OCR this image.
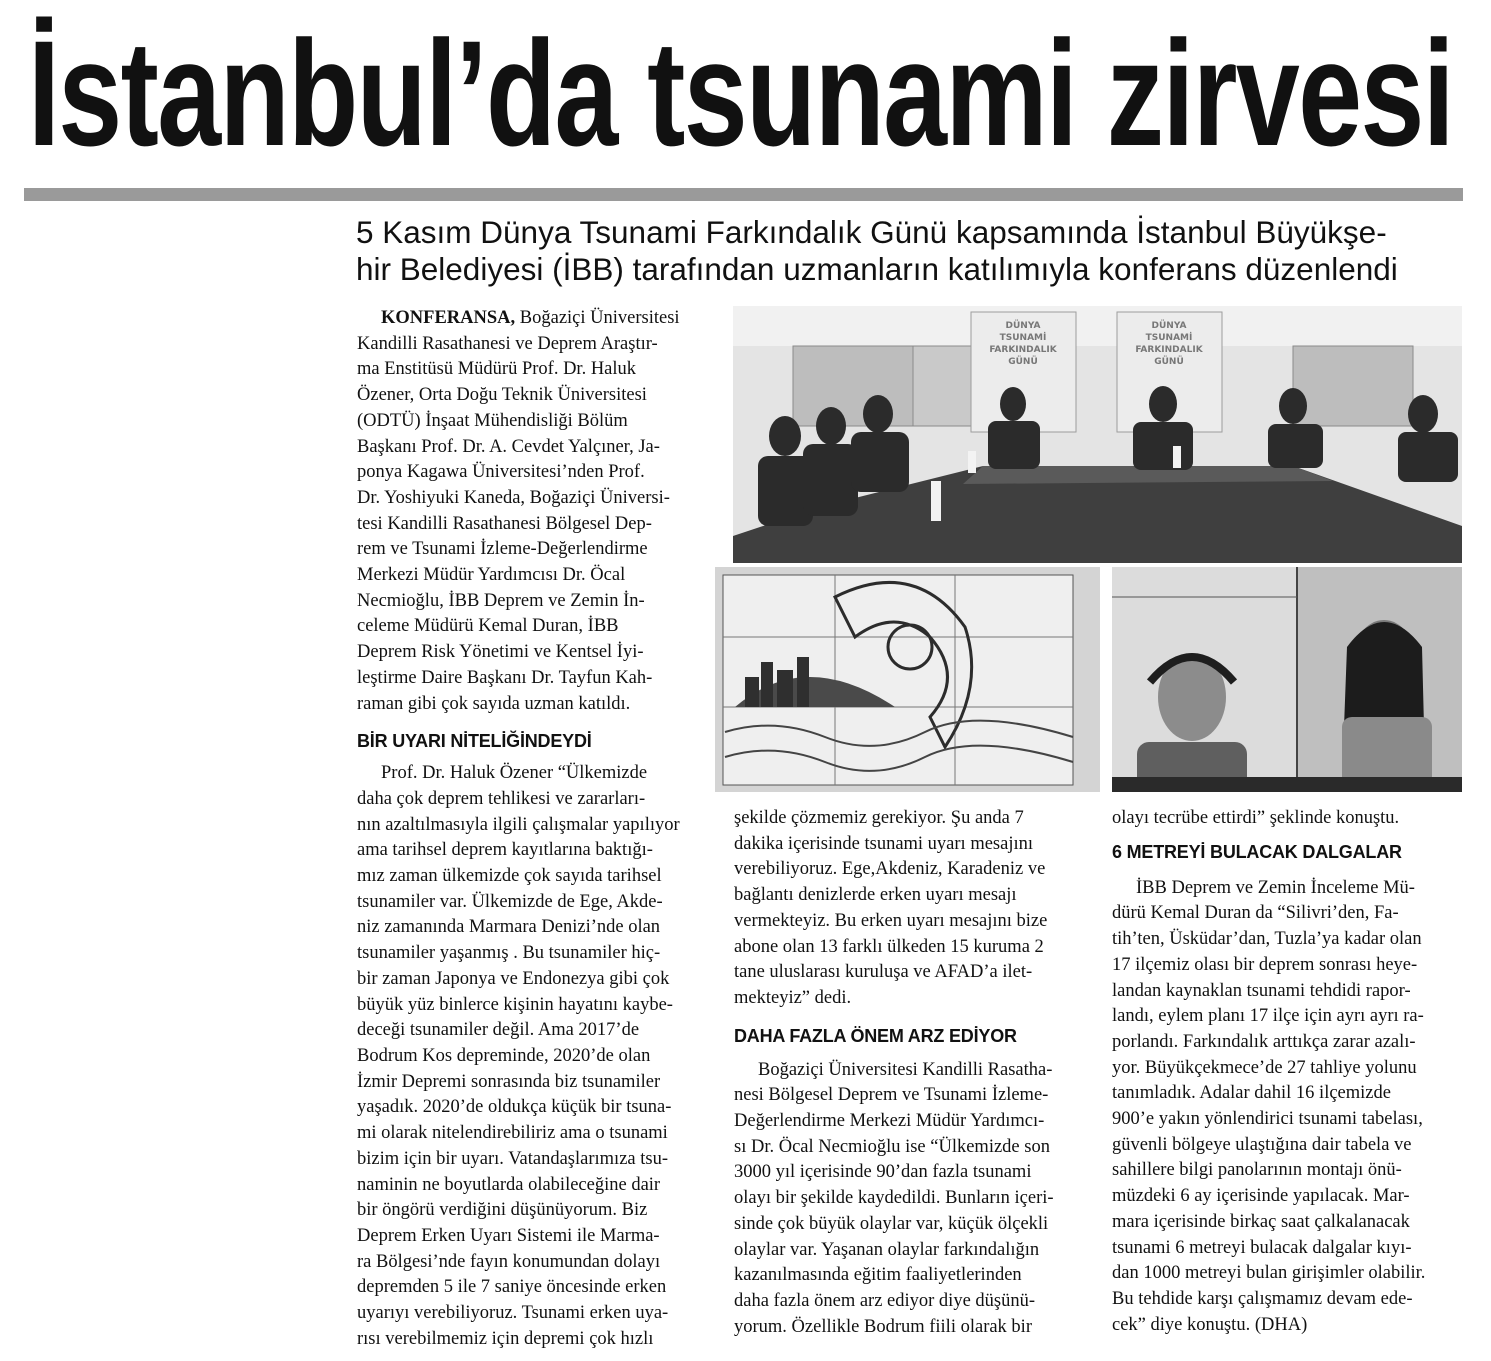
İstanbul’da tsunami zirvesi
5 Kasım Dünya Tsunami Farkındalık Günü kapsamında İstanbul Büyükşe-
hir Belediyesi (İBB) tarafından uzmanların katılımıyla konferans düzenlendi
KONFERANSA, Boğaziçi Üniversitesi
Kandilli Rasathanesi ve Deprem Araştır-
ma Enstitüsü Müdürü Prof. Dr. Haluk
Özener, Orta Doğu Teknik Üniversitesi
(ODTÜ) İnşaat Mühendisliği Bölüm
Başkanı Prof. Dr. A. Cevdet Yalçıner, Ja-
ponya Kagawa Üniversitesi’nden Prof.
Dr. Yoshiyuki Kaneda, Boğaziçi Üniversi-
tesi Kandilli Rasathanesi Bölgesel Dep-
rem ve Tsunami İzleme-Değerlendirme
Merkezi Müdür Yardımcısı Dr. Öcal
Necmioğlu, İBB Deprem ve Zemin İn-
celeme Müdürü Kemal Duran, İBB
Deprem Risk Yönetimi ve Kentsel İyi-
leştirme Daire Başkanı Dr. Tayfun Kah-
raman gibi çok sayıda uzman katıldı.
BİR UYARI NİTELİĞİNDEYDİ
Prof. Dr. Haluk Özener “Ülkemizde
daha çok deprem tehlikesi ve zararları-
nın azaltılmasıyla ilgili çalışmalar yapılıyor
ama tarihsel deprem kayıtlarına baktığı-
mız zaman ülkemizde çok sayıda tarihsel
tsunamiler var. Ülkemizde de Ege, Akde-
niz zamanında Marmara Denizi’nde olan
tsunamiler yaşanmış . Bu tsunamiler hiç-
bir zaman Japonya ve Endonezya gibi çok
büyük yüz binlerce kişinin hayatını kaybe-
deceği tsunamiler değil. Ama 2017’de
Bodrum Kos depreminde, 2020’de olan
İzmir Depremi sonrasında biz tsunamiler
yaşadık. 2020’de oldukça küçük bir tsuna-
mi olarak nitelendirebiliriz ama o tsunami
bizim için bir uyarı. Vatandaşlarımıza tsu-
naminin ne boyutlarda olabileceğine dair
bir öngörü verdiğini düşünüyorum. Biz
Deprem Erken Uyarı Sistemi ile Marma-
ra Bölgesi’nde fayın konumundan dolayı
depremden 5 ile 7 saniye öncesinde erken
uyarıyı verebiliyoruz. Tsunami erken uya-
rısı verebilmemiz için depremi çok hızlı
DÜNYA
TSUNAMİ
FARKINDALIK
GÜNÜ
DÜNYA
TSUNAMİ
FARKINDALIK
GÜNÜ
şekilde çözmemiz gerekiyor. Şu anda 7
dakika içerisinde tsunami uyarı mesajını
verebiliyoruz. Ege,Akdeniz, Karadeniz ve
bağlantı denizlerde erken uyarı mesajı
vermekteyiz. Bu erken uyarı mesajını bize
abone olan 13 farklı ülkeden 15 kuruma 2
tane uluslarası kuruluşa ve AFAD’a ilet-
mekteyiz” dedi.
DAHA FAZLA ÖNEM ARZ EDİYOR
Boğaziçi Üniversitesi Kandilli Rasatha-
nesi Bölgesel Deprem ve Tsunami İzleme-
Değerlendirme Merkezi Müdür Yardımcı-
sı Dr. Öcal Necmioğlu ise “Ülkemizde son
3000 yıl içerisinde 90’dan fazla tsunami
olayı bir şekilde kaydedildi. Bunların içeri-
sinde çok büyük olaylar var, küçük ölçekli
olaylar var. Yaşanan olaylar farkındalığın
kazanılmasında eğitim faaliyetlerinden
daha fazla önem arz ediyor diye düşünü-
yorum. Özellikle Bodrum fiili olarak bir
olayı tecrübe ettirdi” şeklinde konuştu.
6 METREYİ BULACAK DALGALAR
İBB Deprem ve Zemin İnceleme Mü-
dürü Kemal Duran da “Silivri’den, Fa-
tih’ten, Üsküdar’dan, Tuzla’ya kadar olan
17 ilçemiz olası bir deprem sonrası heye-
landan kaynaklan tsunami tehdidi rapor-
landı, eylem planı 17 ilçe için ayrı ayrı ra-
porlandı. Farkındalık arttıkça zarar azalı-
yor. Büyükçekmece’de 27 tahliye yolunu
tanımladık. Adalar dahil 16 ilçemizde
900’e yakın yönlendirici tsunami tabelası,
güvenli bölgeye ulaştığına dair tabela ve
sahillere bilgi panolarının montajı önü-
müzdeki 6 ay içerisinde yapılacak. Mar-
mara içerisinde birkaç saat çalkalanacak
tsunami 6 metreyi bulacak dalgalar kıyı-
dan 1000 metreyi bulan girişimler olabilir.
Bu tehdide karşı çalışmamız devam ede-
cek” diye konuştu. (DHA)
